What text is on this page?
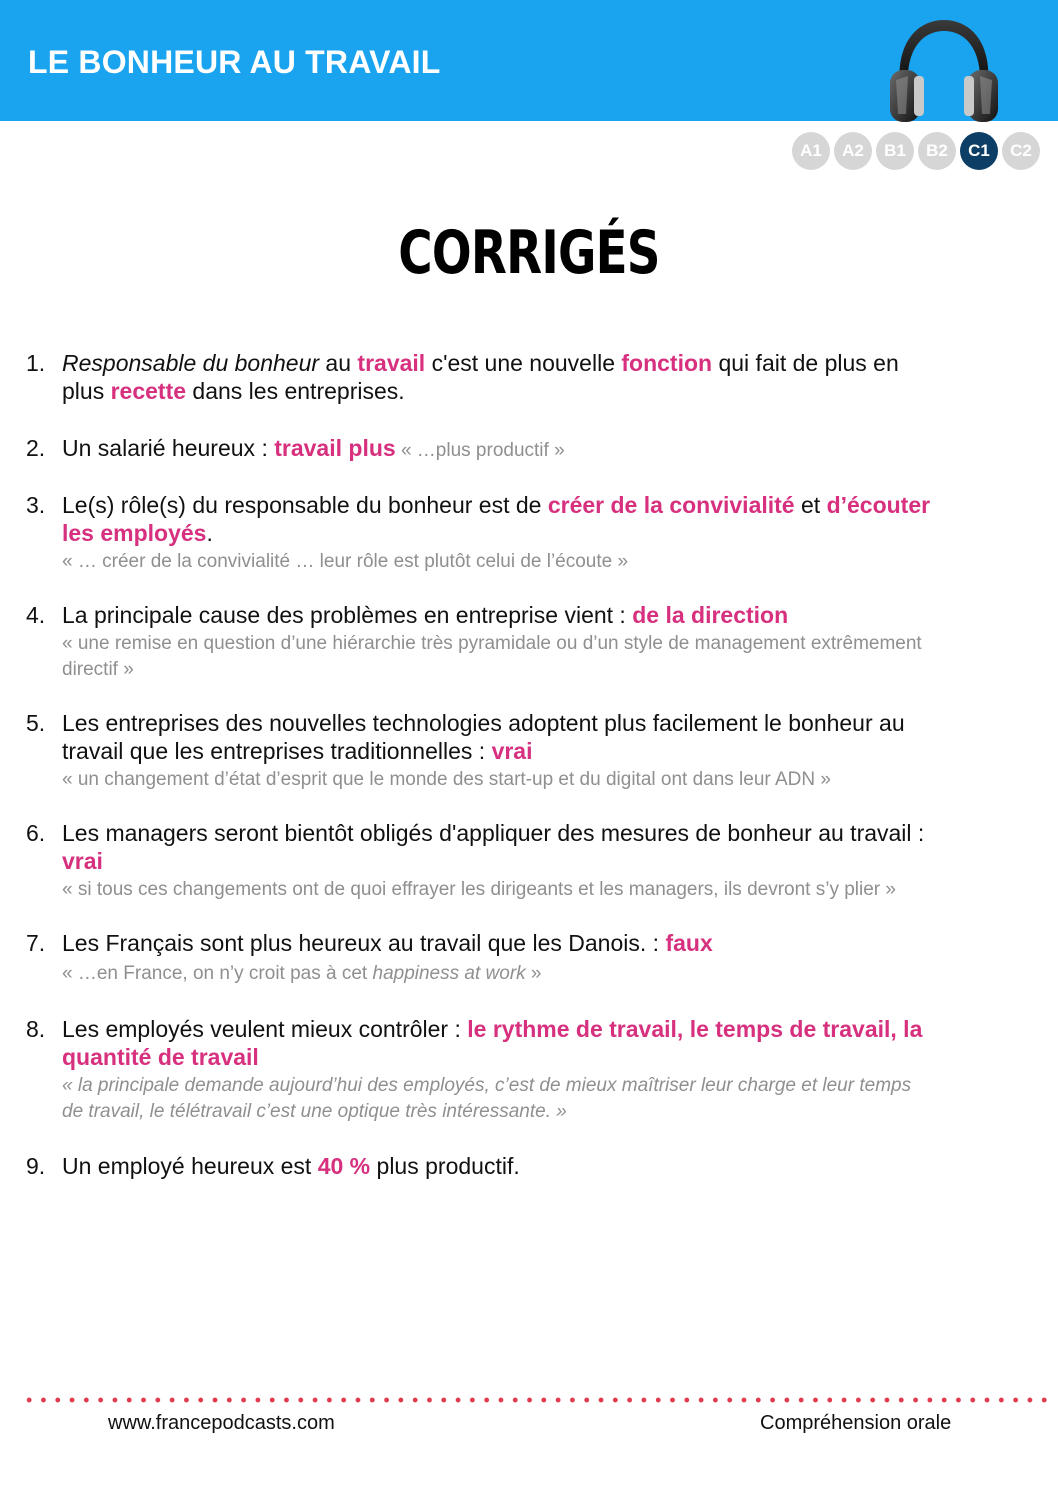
LE BONHEUR AU TRAVAIL
A1	A2	B1	B2	C1	C2
CORRIGÉS
1. Responsable du bonheur au travail c'est une nouvelle fonction qui fait de plus en

plus recette dans les entreprises.

2. Un salarié heureux : travail plus « …plus productif »

3. Le(s) rôle(s) du responsable du bonheur est de créer de la convivialité et d’écouter

les employés.

« … créer de la convivialité … leur rôle est plutôt celui de l’écoute »

4. La principale cause des problèmes en entreprise vient : de la direction

« une remise en question d’une hiérarchie très pyramidale ou d’un style de management extrêmement

directif »

5. Les entreprises des nouvelles technologies adoptent plus facilement le bonheur au

travail que les entreprises traditionnelles : vrai

« un changement d’état d’esprit que le monde des start-up et du digital ont dans leur ADN »

6. Les managers seront bientôt obligés d'appliquer des mesures de bonheur au travail :

vrai

« si tous ces changements ont de quoi effrayer les dirigeants et les managers, ils devront s’y plier »

7. Les Français sont plus heureux au travail que les Danois. : faux

« …en France, on n’y croit pas à cet happiness at work »

8. Les employés veulent mieux contrôler : le rythme de travail, le temps de travail, la

quantité de travail

« la principale demande aujourd’hui des employés, c’est de mieux maîtriser leur charge et leur temps

de travail, le télétravail c’est une optique très intéressante. »

9. Un employé heureux est 40 % plus productif.

www.francepodcasts.com	Compréhension orale
